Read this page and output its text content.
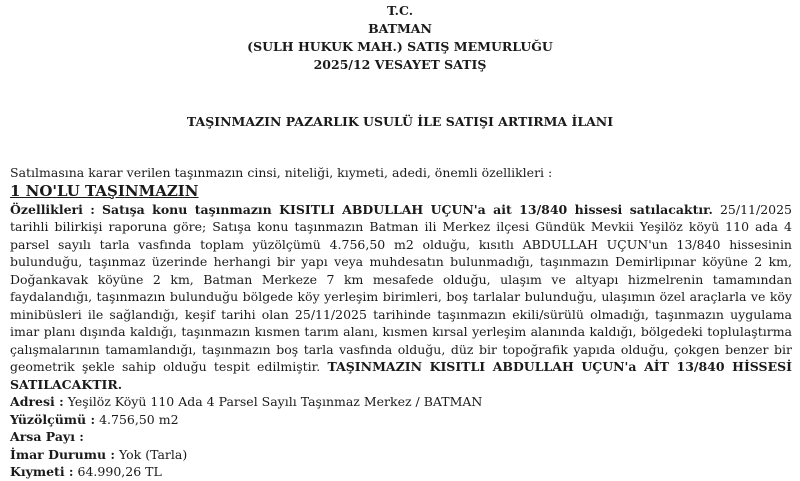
T.C.
BATMAN
(SULH HUKUK MAH.) SATIŞ MEMURLUĞU
2025/12 VESAYET SATIŞ
TAŞINMAZIN PAZARLIK USULÜ İLE SATIŞI ARTIRMA İLANI

Satılmasına karar verilen taşınmazın cinsi, niteliği, kıymeti, adedi, önemli özellikleri :

1 NO'LU TAŞINMAZIN

Özellikleri : Satışa konu taşınmazın KISITLI ABDULLAH UÇUN'a ait 13/840 hissesi satılacaktır. 25/11/2025 tarihli bilirkişi raporuna göre; Satışa konu taşınmazın Batman ili Merkez ilçesi Gündük Mevkii Yeşilöz köyü 110 ada 4 parsel sayılı tarla vasfında toplam yüzölçümü 4.756,50 m2 olduğu, kısıtlı ABDULLAH UÇUN'un 13/840 hissesinin bulunduğu, taşınmaz üzerinde herhangi bir yapı veya muhdesatın bulunmadığı, taşınmazın Demirlipınar köyüne 2 km, Doğankavak köyüne 2 km, Batman Merkeze 7 km mesafede olduğu, ulaşım ve altyapı hizmelrenin tamamından faydalandığı, taşınmazın bulunduğu bölgede köy yerleşim birimleri, boş tarlalar bulunduğu, ulaşımın özel araçlarla ve köy minibüsleri ile sağlandığı, keşif tarihi olan 25/11/2025 tarihinde taşınmazın ekili/sürülü olmadığı, taşınmazın uygulama imar planı dışında kaldığı, taşınmazın kısmen tarım alanı, kısmen kırsal yerleşim alanında kaldığı, bölgedeki toplulaştırma çalışmalarının tamamlandığı, taşınmazın boş tarla vasfında olduğu, düz bir topoğrafik yapıda olduğu, çokgen benzer bir geometrik şekle sahip olduğu tespit edilmiştir. TAŞINMAZIN KISITLI ABDULLAH UÇUN'a AİT 13/840 HİSSESİ SATILACAKTIR.

Adresi : Yeşilöz Köyü 110 Ada 4 Parsel Sayılı Taşınmaz Merkez / BATMAN

Yüzölçümü : 4.756,50 m2

Arsa Payı :

İmar Durumu : Yok (Tarla)

Kıymeti : 64.990,26 TL
